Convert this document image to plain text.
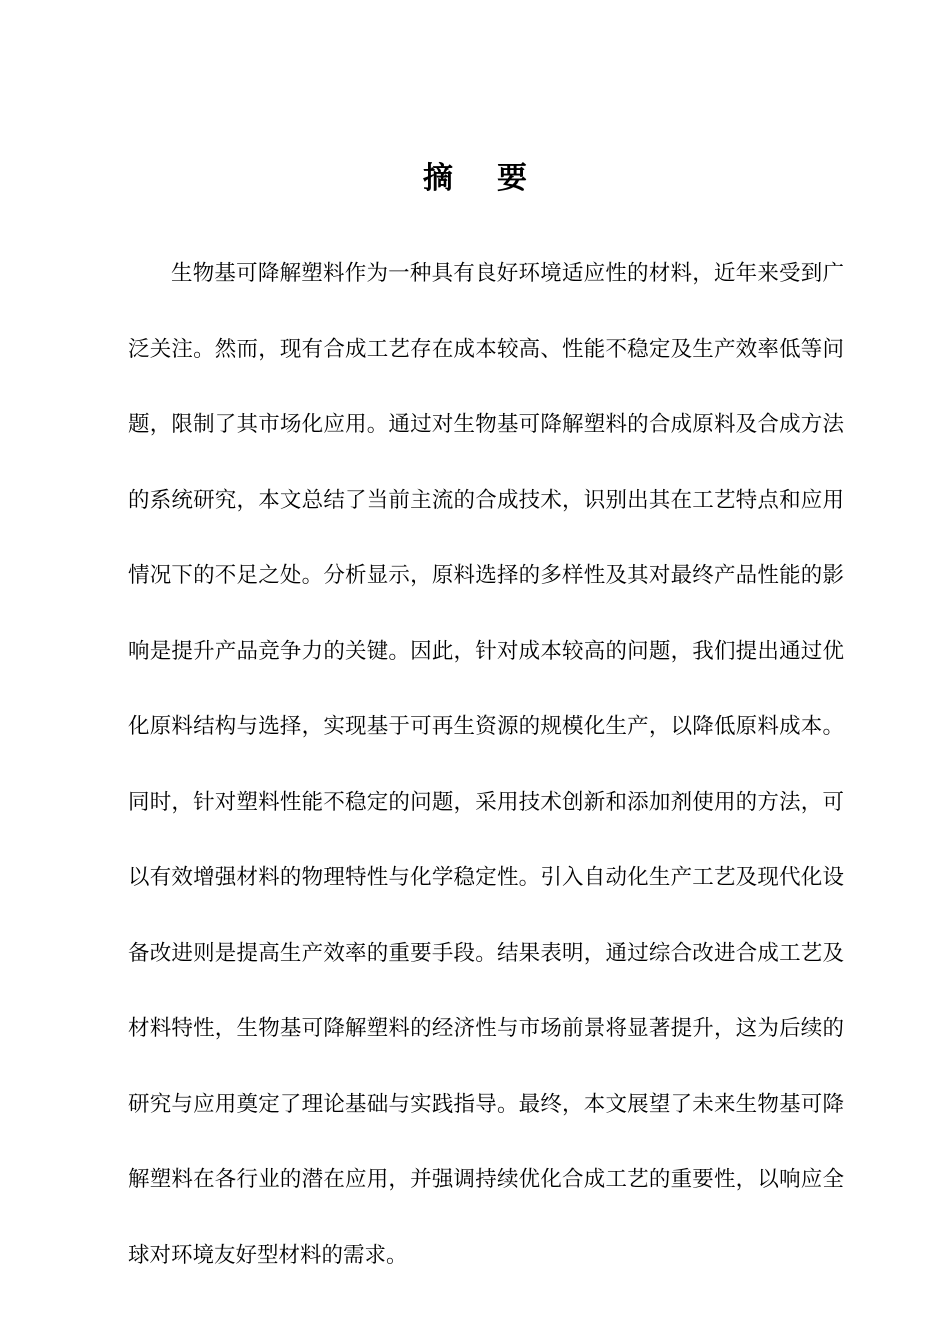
摘 要

生物基可降解塑料作为一种具有良好环境适应性的材料，近年来受到广泛关注。然而，现有合成工艺存在成本较高、性能不稳定及生产效率低等问题，限制了其市场化应用。通过对生物基可降解塑料的合成原料及合成方法的系统研究，本文总结了当前主流的合成技术，识别出其在工艺特点和应用情况下的不足之处。分析显示，原料选择的多样性及其对最终产品性能的影响是提升产品竞争力的关键。因此，针对成本较高的问题，我们提出通过优化原料结构与选择，实现基于可再生资源的规模化生产，以降低原料成本。同时，针对塑料性能不稳定的问题，采用技术创新和添加剂使用的方法，可以有效增强材料的物理特性与化学稳定性。引入自动化生产工艺及现代化设备改进则是提高生产效率的重要手段。结果表明，通过综合改进合成工艺及材料特性，生物基可降解塑料的经济性与市场前景将显著提升，这为后续的研究与应用奠定了理论基础与实践指导。最终，本文展望了未来生物基可降解塑料在各行业的潜在应用，并强调持续优化合成工艺的重要性，以响应全球对环境友好型材料的需求。
